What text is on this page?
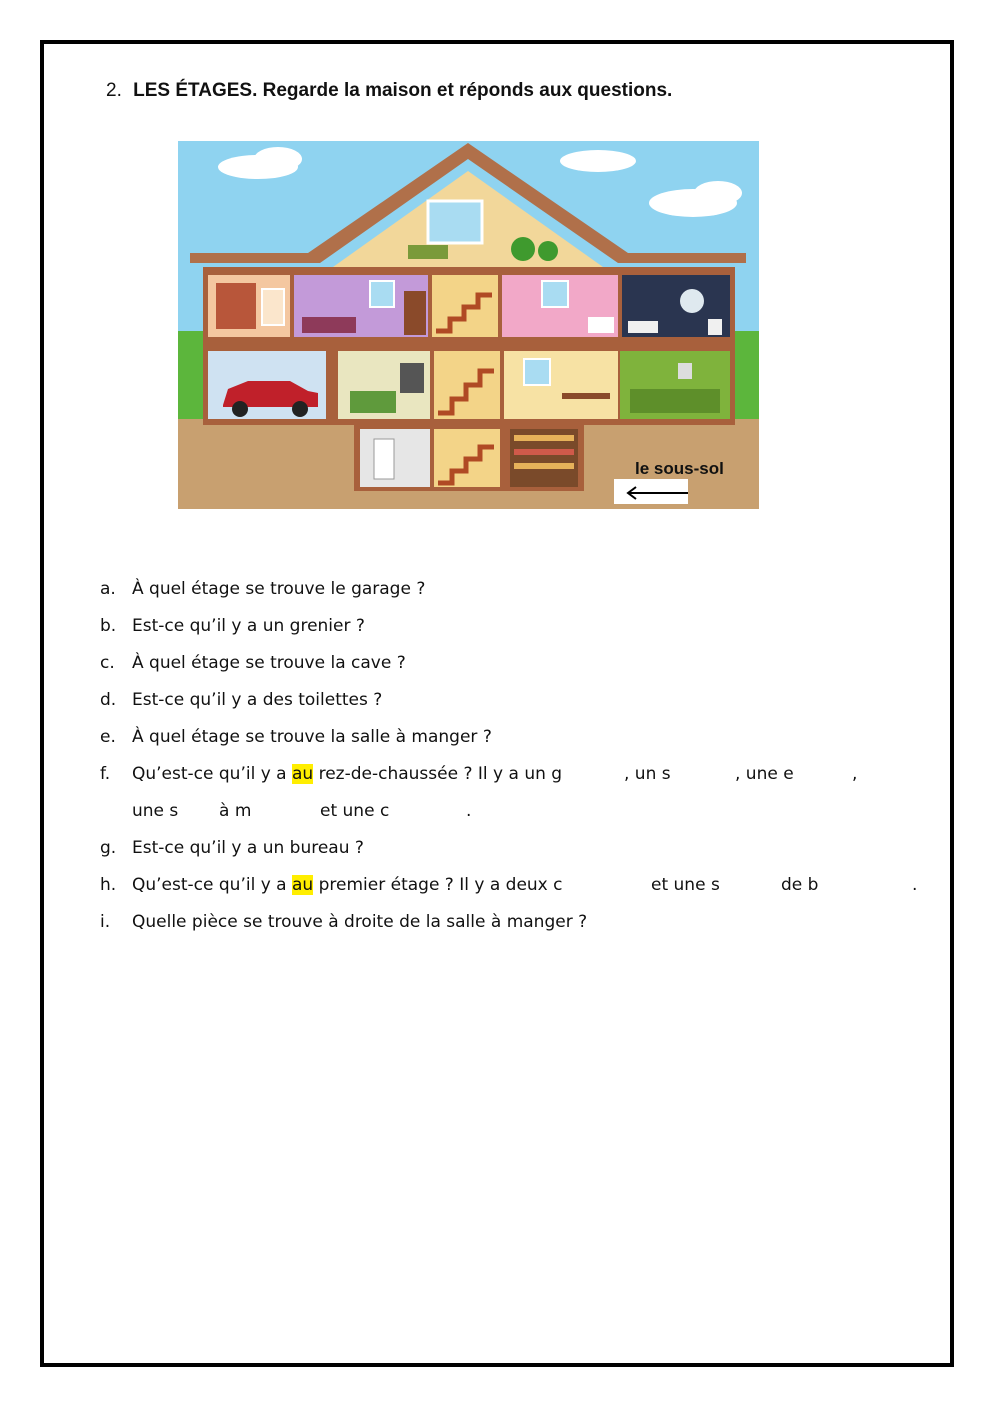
2. LES ÉTAGES. Regarde la maison et réponds aux questions.
le sous-sol
a. À quel étage se trouve le garage ?
b. Est-ce qu’il y a un grenier ?
c. À quel étage se trouve la cave ?
d. Est-ce qu’il y a des toilettes ?
e. À quel étage se trouve la salle à manger ?
f. Qu’est-ce qu’il y a au rez-de-chaussée ? Il y a un g	, un s	, une e	,
une s à m	et une c	.
g. Est-ce qu’il y a un bureau ?
h. Qu’est-ce qu’il y a au premier étage ? Il y a deux c	et une s	de b	.
i. Quelle pièce se trouve à droite de la salle à manger ?
